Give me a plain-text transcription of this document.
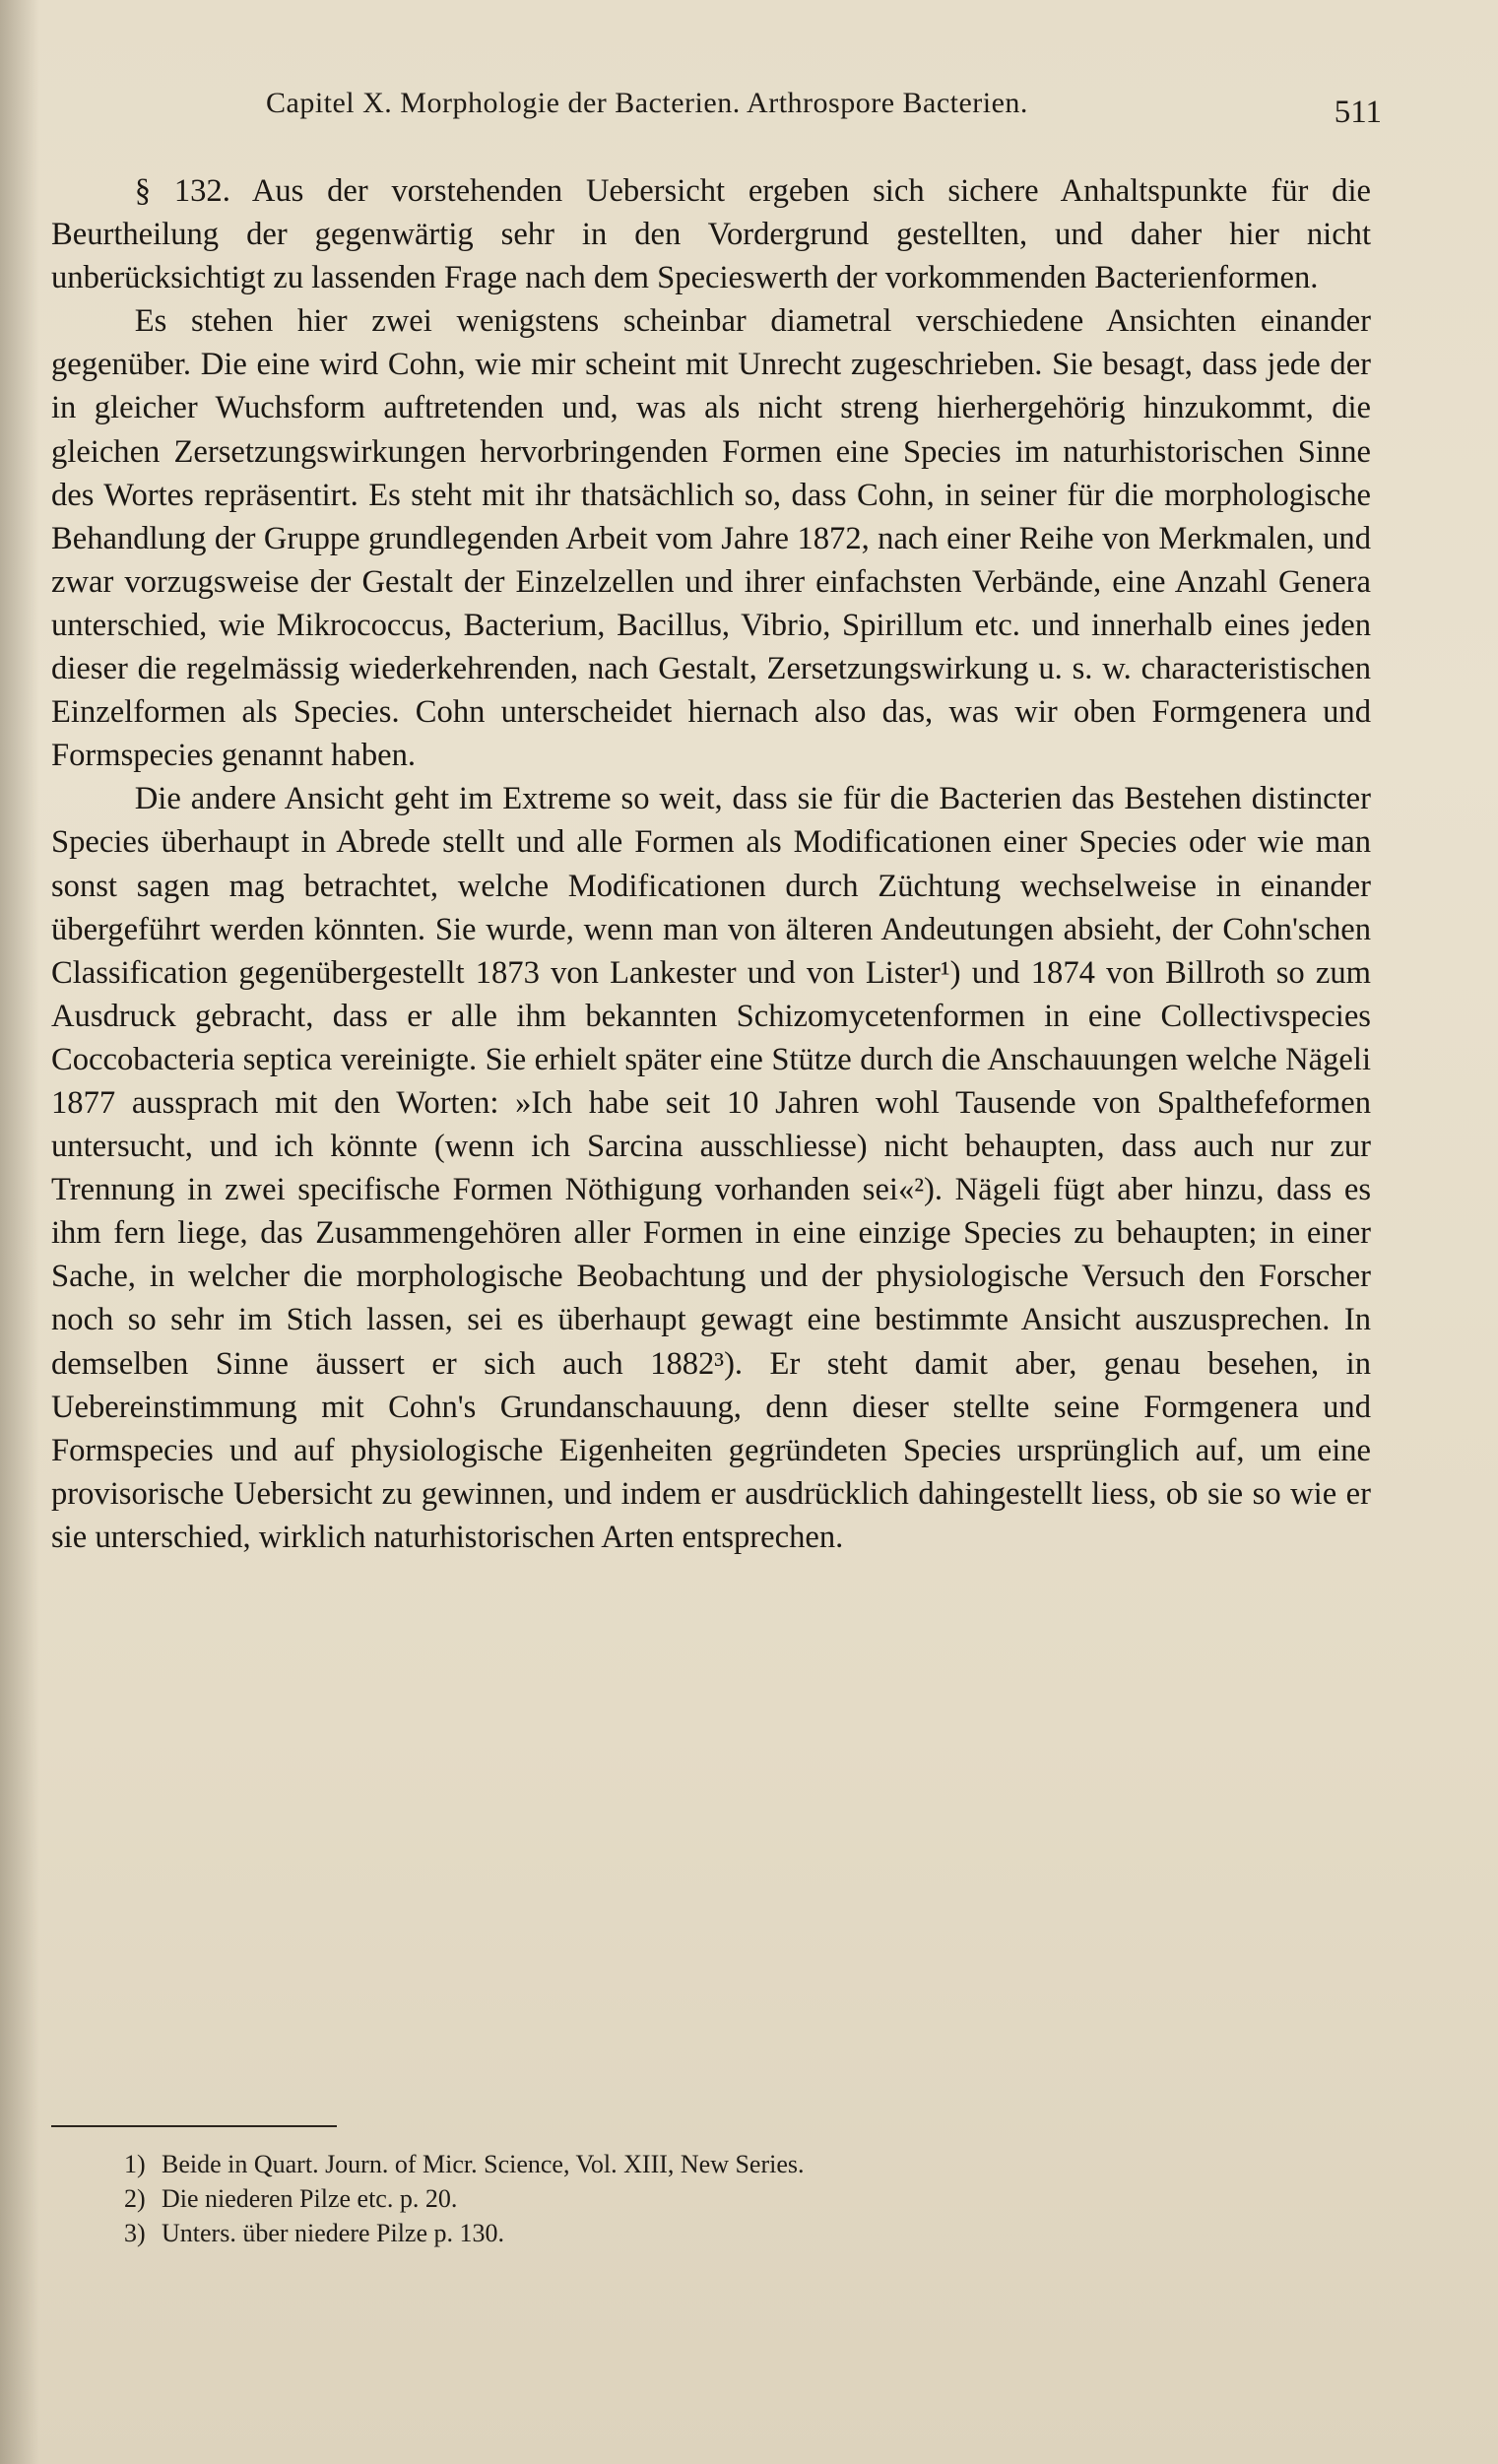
Capitel X. Morphologie der Bacterien. Arthrospore Bacterien.	511

§ 132. Aus der vorstehenden Uebersicht ergeben sich sichere Anhaltspunkte für die Beurtheilung der gegenwärtig sehr in den Vordergrund gestellten, und daher hier nicht unberücksichtigt zu lassenden Frage nach dem Specieswerth der vorkommenden Bacterienformen.

Es stehen hier zwei wenigstens scheinbar diametral verschiedene Ansichten einander gegenüber. Die eine wird Cohn, wie mir scheint mit Unrecht zugeschrieben. Sie besagt, dass jede der in gleicher Wuchsform auftretenden und, was als nicht streng hierhergehörig hinzukommt, die gleichen Zersetzungswirkungen hervorbringenden Formen eine Species im naturhistorischen Sinne des Wortes repräsentirt. Es steht mit ihr thatsächlich so, dass Cohn, in seiner für die morphologische Behandlung der Gruppe grundlegenden Arbeit vom Jahre 1872, nach einer Reihe von Merkmalen, und zwar vorzugsweise der Gestalt der Einzelzellen und ihrer einfachsten Verbände, eine Anzahl Genera unterschied, wie Mikrococcus, Bacterium, Bacillus, Vibrio, Spirillum etc. und innerhalb eines jeden dieser die regelmässig wiederkehrenden, nach Gestalt, Zersetzungswirkung u. s. w. characteristischen Einzelformen als Species. Cohn unterscheidet hiernach also das, was wir oben Formgenera und Formspecies genannt haben.

Die andere Ansicht geht im Extreme so weit, dass sie für die Bacterien das Bestehen distincter Species überhaupt in Abrede stellt und alle Formen als Modificationen einer Species oder wie man sonst sagen mag betrachtet, welche Modificationen durch Züchtung wechselweise in einander übergeführt werden könnten. Sie wurde, wenn man von älteren Andeutungen absieht, der Cohn'schen Classification gegenübergestellt 1873 von Lankester und von Lister¹) und 1874 von Billroth so zum Ausdruck gebracht, dass er alle ihm bekannten Schizomycetenformen in eine Collectivspecies Coccobacteria septica vereinigte. Sie erhielt später eine Stütze durch die Anschauungen welche Nägeli 1877 aussprach mit den Worten: »Ich habe seit 10 Jahren wohl Tausende von Spalthefeformen untersucht, und ich könnte (wenn ich Sarcina ausschliesse) nicht behaupten, dass auch nur zur Trennung in zwei specifische Formen Nöthigung vorhanden sei«²). Nägeli fügt aber hinzu, dass es ihm fern liege, das Zusammengehören aller Formen in eine einzige Species zu behaupten; in einer Sache, in welcher die morphologische Beobachtung und der physiologische Versuch den Forscher noch so sehr im Stich lassen, sei es überhaupt gewagt eine bestimmte Ansicht auszusprechen. In demselben Sinne äussert er sich auch 1882³). Er steht damit aber, genau besehen, in Uebereinstimmung mit Cohn's Grundanschauung, denn dieser stellte seine Formgenera und Formspecies und auf physiologische Eigenheiten gegründeten Species ursprünglich auf, um eine provisorische Uebersicht zu gewinnen, und indem er ausdrücklich dahingestellt liess, ob sie so wie er sie unterschied, wirklich naturhistorischen Arten entsprechen.

1) Beide in Quart. Journ. of Micr. Science, Vol. XIII, New Series.
2) Die niederen Pilze etc. p. 20.
3) Unters. über niedere Pilze p. 130.
